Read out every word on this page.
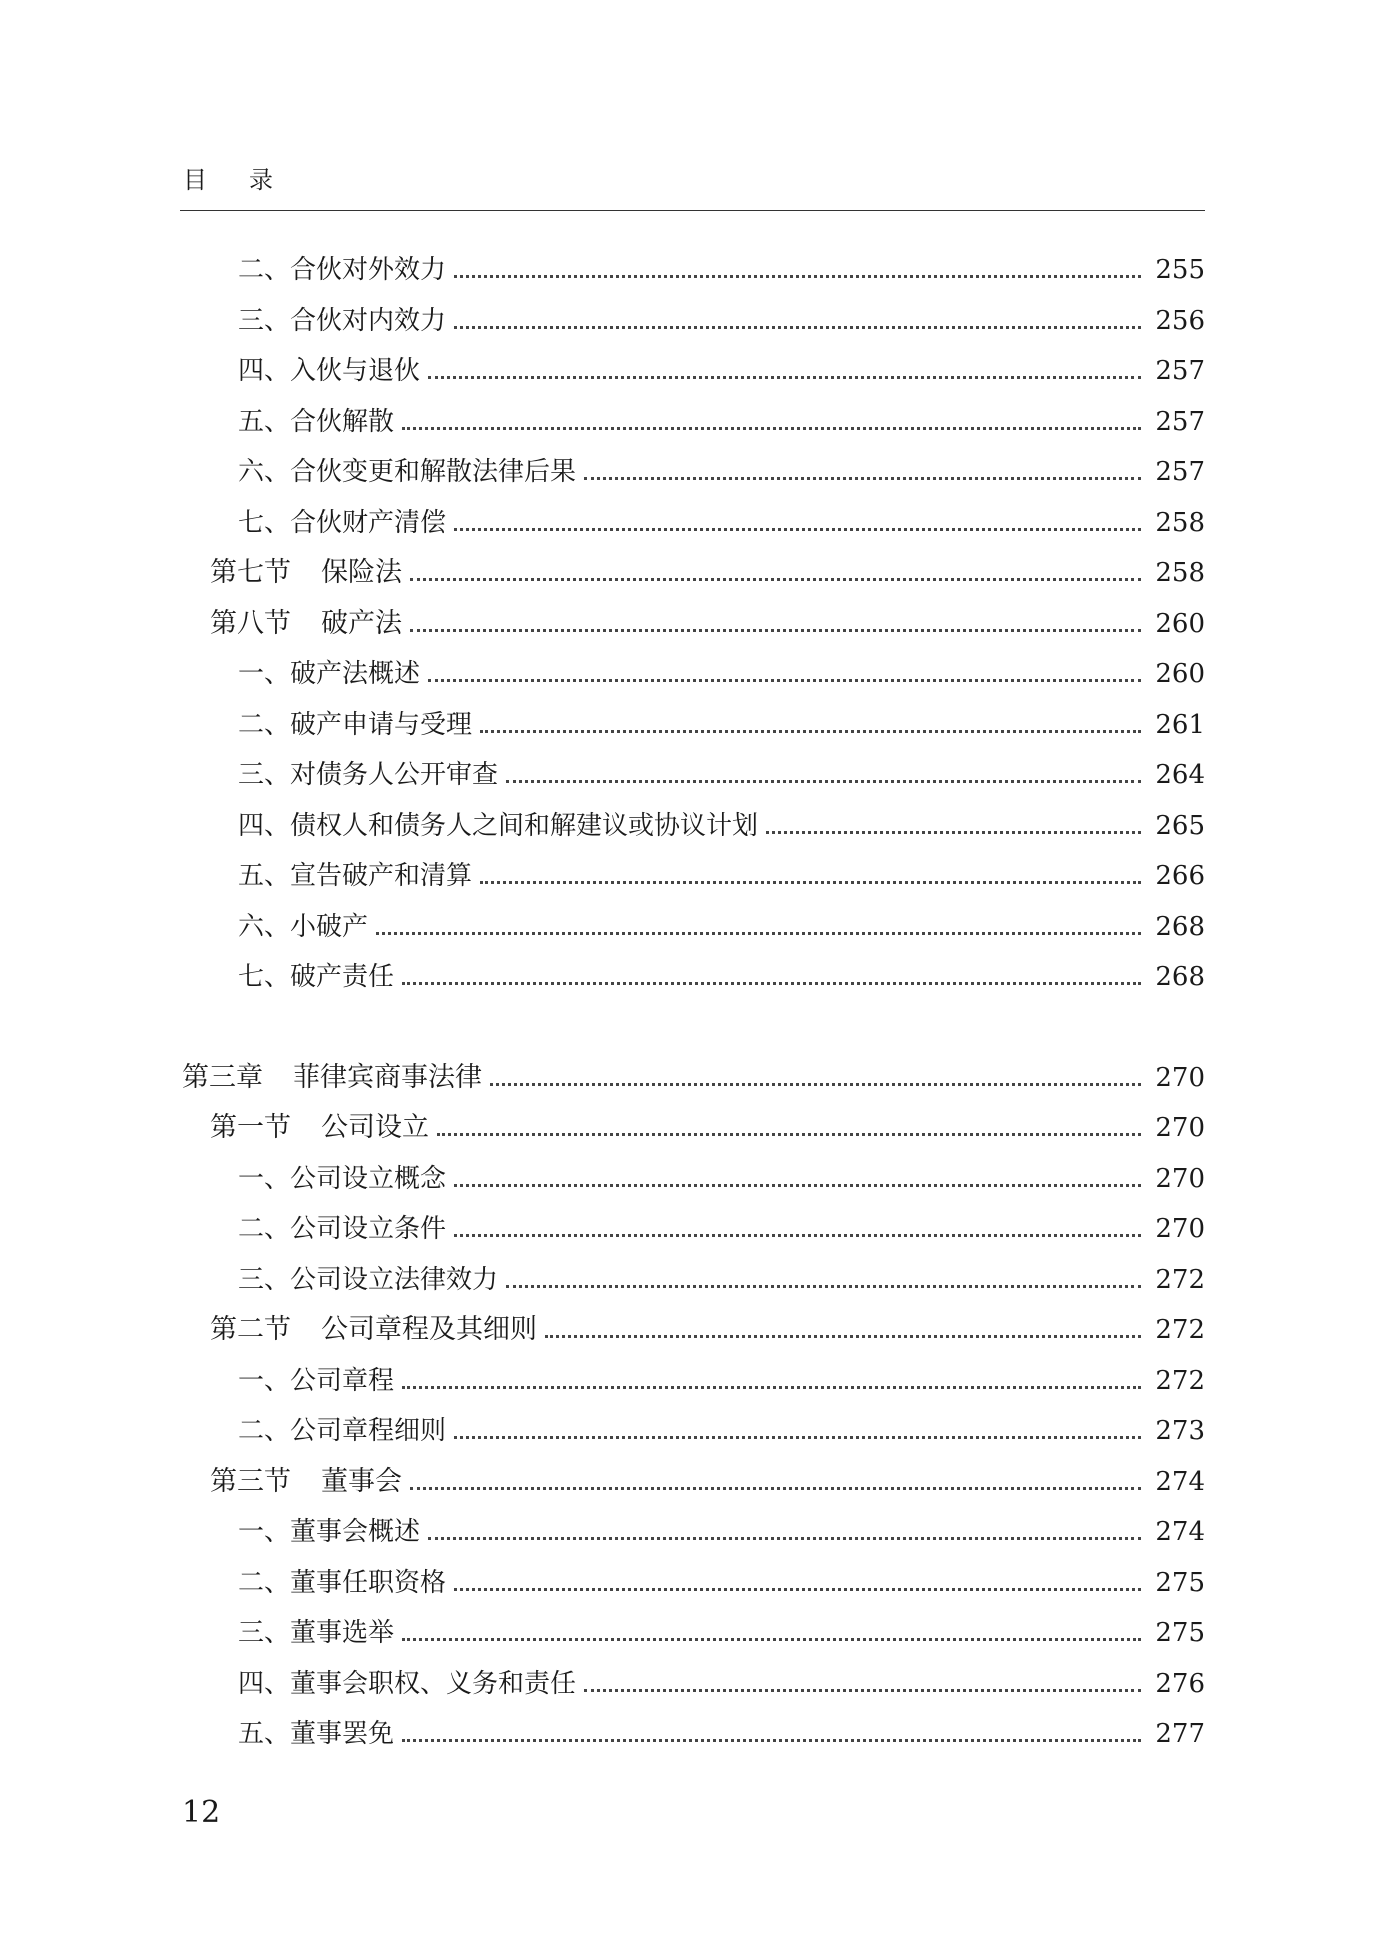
目 录
二、合伙对外效力	255
三、合伙对内效力	256
四、入伙与退伙	257
五、合伙解散	257
六、合伙变更和解散法律后果	257
七、合伙财产清偿	258
第七节 保险法	258
第八节 破产法	260
一、破产法概述	260
二、破产申请与受理	261
三、对债务人公开审查	264
四、债权人和债务人之间和解建议或协议计划	265
五、宣告破产和清算	266
六、小破产	268
七、破产责任	268
第三章 菲律宾商事法律	270
第一节 公司设立	270
一、公司设立概念	270
二、公司设立条件	270
三、公司设立法律效力	272
第二节 公司章程及其细则	272
一、公司章程	272
二、公司章程细则	273
第三节 董事会	274
一、董事会概述	274
二、董事任职资格	275
三、董事选举	275
四、董事会职权、义务和责任	276
五、董事罢免	277
12
